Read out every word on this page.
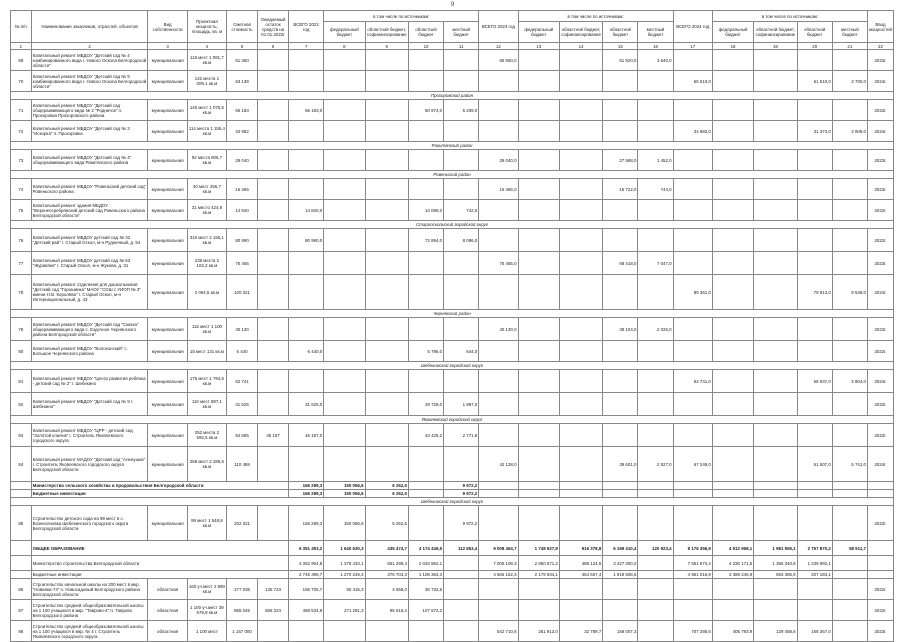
9
№ п/п	Наименование заказчиков, отраслей, объектов	Вид собственности	Проектная мощность, площадь, кв. м	Сметная стоимость	Ожидаемый остаток средств на 01.01.2022г	ВСЕГО 2022 год	в том числе по источникам:				ВСЕГО 2023 год	в том числе по источникам:				ВСЕГО 2024 год	в том числе по источникам:				Ввод мощностей
							федеральный бюджет	областной бюджет, софинансирование	областной бюджет	местный бюджет		федеральный бюджет	областной бюджет, софинансирование	областной бюджет	местный бюджет		федеральный бюджет	областной бюджет, софинансирование	областной бюджет	местный бюджет	
1	2	3	4	5	6	7	8	9	10	11	12	13	14	15	16	17	18	19	20	21	22
69	Капитальный ремонт МБДОУ "Детский сад № 4 комбинированного вида г. Нового Оскола Белгородской области"	муниципальная	115 мест 1 081,7 кв.м	61 360							65 560,0			61 920,0	3 640,0						2023г.
70	Капитальный ремонт МБДОУ "Детский сад № 9 комбинированного вида г. Нового Оскола Белгородской области"	муниципальная	142 места 1 009,1 кв.м	63 139												65 510,0			61 510,0	3 700,0	2024г.
Прохоровский район																					
71	Капитальный ремонт МБДОУ "Детский сад общеразвивающего вида № 2 "Родничок" п. Прохоровка Прохоровского района	муниципальная	140 мест 1 075,6 кв.м	66 183		66 183,0			60 974,0	5 209,0											2022г.
72	Капитальный ремонт МБДОУ "Детский сад № 3 "Искорка" п. Прохоровка	муниципальная	114 места 1 155,4 кв.м	34 982												34 982,0			31 373,0	3 609,0	2024г.
Ракитянский район																					
73	Капитальный ремонт МБДОУ "Детский сад № 4" общеразвивающего вида Ракитянского района	муниципальная	92 места 806,7 кв.м	29 040							29 040,0			27 588,0	1 452,0						2023г.
Ровеньский район																					
74	Капитальный ремонт МБДОУ "Ровеньский детский сад" Ровеньского района	муниципальная	40 мест 456,7 кв.м	16 466							16 466,0			15 722,0	744,0						2023г.
75	Капитальный ремонт здания МБДОУ "Верхнесеребрянский детский сад Ровеньского района Белгородской области"	муниципальная	31 место 424,8 кв.м	14 840		14 840,0			14 098,0	742,0											2022г.
Старооскольский городской округ																					
76	Капитальный ремонт МБДОУ детский сад № 32 "Детский рай" г. Старый Оскол, м-н Рудничный, д. 54	муниципальная	310 мест 2 155,1 кв.м	80 990		80 990,0			72 894,0	8 096,0											2022г.
77	Капитальный ремонт МБДОУ детский сад № 63 "Журавлик" г. Старый Оскол, м-н Жукова, д. 31	муниципальная	238 места 2 104,2 кв.м	75 465							75 465,0			68 418,0	7 047,0						2023г.
78	Капитальный ремонт отделения для дошкольников "Детский сад "Горошинка" МАОУ "СОШ с УИОП № 3" имени Н.В. Королёва" г. Старый Оскол, м-н Интернациональный, д. 43	муниципальная	2 064,5 кв.м	100 321												89 361,0			79 813,0	9 548,0	2024г.
Чернянский район																					
79	Капитальный ремонт МБДОУ "Детский сад "Сказка" общеразвивающего вида с. Ездочное Чернянского района Белгородской области"	муниципальная	115 мест 1 100 кв.м	40 130							40 130,0			38 104,0	2 026,0						2023г.
80	Капитальный ремонт МБДОУ "Волоконский" с. Большое Чернянского района	муниципальная	15 мест 131 кв.м	6 440		6 440,0			5 796,0	644,0											2022г.
Шебекинский городской округ																					
81	Капитальный ремонт МБДОУ "Центр развития ребёнка - детский сад № 2" г. Шебекино	муниципальная	175 мест 1 794,6 кв.м	62 741												62 741,0			58 937,0	3 804,0	2024г.
82	Капитальный ремонт МБДОУ "Детский сад № 9 г. Шебекино"	муниципальная	110 мест 887,1 кв.м	31 625		31 625,0			29 728,0	1 897,0											2022г.
Яковлевский городской округ																					
83	Капитальный ремонт МБДОУ "ЦРР - детский сад "Золотой ключик" г. Строитель Яковлевского городского округа	муниципальная	252 места 2 592,5 кв.м	84 685	46 197	46 197,0			43 425,2	2 771,8											2022г.
84	Капитальный ремонт МАДОУ "Детский сад "Аленушка" г. Строитель Яковлевского городского округа Белгородской области	муниципальная	268 мест 2 286,6 кв.м	110 488							42 128,0			39 601,0	2 527,0	67 248,0			61 507,0	5 741,0	2024г.
	Министерство сельского хозяйства и продовольствия Белгородской области					166 289,3	150 056,6	6 252,5		9 972,2											
	Бюджетные инвестиции					166 289,3	150 056,6	6 252,5		9 972,2											
Шебекинский городской округ																					
85	Строительство детского сада на 99 мест в с. Вознесеновка Шебекинского городского округа Белгородской области	муниципальная	99 мест 1 548,8 кв.м	202 321		166 289,3	150 056,6	6 252,5		9 972,2											2022г.
	ОБЩЕЕ ОБРАЗОВАНИЕ					6 351 493,2	1 640 630,3	435 474,7	4 174 449,5	112 853,4	9 008 464,7	1 748 927,9	916 378,8	6 169 410,4	120 923,4	8 176 356,9	4 912 958,1	1 981 555,1	2 757 870,2	58 911,7	
	Министерство строительства Белгородской области					4 352 904,8	1 376 433,1	651 289,4	2 034 962,1		7 005 108,3	2 860 671,2	488 124,6	3 427 300,0		7 651 674,4	4 330 171,5	1 356 340,8	1 239 960,1		
	Бюджетные инвестиции					2 745 399,7	1 270 249,3	376 703,3	1 108 363,3		4 665 152,3	2 179 934,1	454 667,4	1 919 508,6		4 951 016,9	3 388 246,9	693 385,9	207 183,1		
86	Строительство начальной школы на 200 мест в мкр. "Новинки-74" п. Новосадовый Белгородского района Белгородской области	областная	160 уч.мест 2 980 кв.м	277 035	135 723	156 705,7	50 415,3	4 558,0	35 732,5												2022г.
87	Строительство средней общеобразовательной школы на 1 100 учащихся в мкр. "Таврово-4" п. Таврово Белгородского района	областная	1 100 уч.мест 39 679,8 кв.м	865 045	658 324	468 534,9	271 291,3	96 618,2	107 672,2												2022г.
88	Строительство средней общеобразовательной школы на 1 100 учащихся в мкр. № 4 г. Строитель Яковлевского городского округа	областная	1 100 мест	1 157 000							542 710,6	251 913,0	32 789,7	158 007,3		707 286,6	405 793,9	129 458,6	168 367,0		2023г.
